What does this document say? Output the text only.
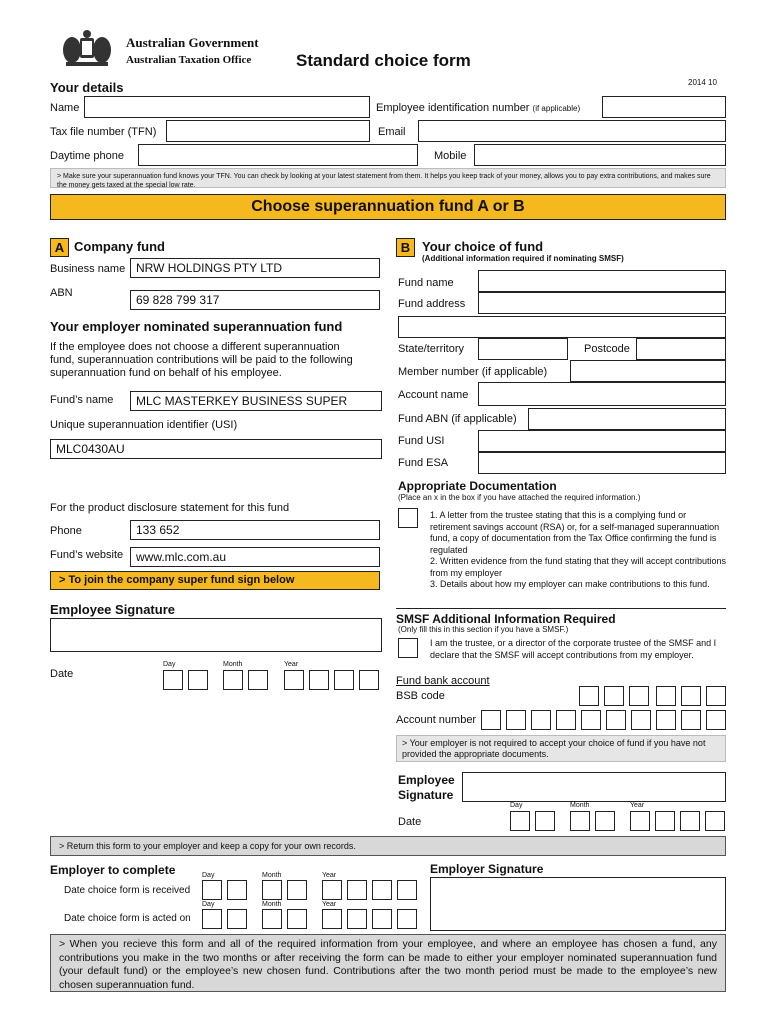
Australian Government
Australian Taxation Office	Standard choice form
2014 10
Your details
Name	Employee identification number (if applicable)
Tax file number (TFN)	Email
Daytime phone	Mobile
> Make sure your superannuation fund knows your TFN. You can check by looking at your latest statement from them. It helps you keep track of your money, allows you to pay extra contributions, and makes sure the money gets taxed at the special low rate.
Choose superannuation fund A or B
A Company fund
Business name NRW HOLDINGS PTY LTD
ABN	69 828 799 317
Your employer nominated superannuation fund
If the employee does not choose a different superannuation fund, superannuation contributions will be paid to the following superannuation fund on behalf of his employee.
Fund’s name	MLC MASTERKEY BUSINESS SUPER
Unique superannuation identifier (USI)
MLC0430AU
For the product disclosure statement for this fund
Phone	133 652
Fund’s website	www.mlc.com.au
> To join the company super fund sign below
Employee Signature
Date
Day	Month	Year
B Your choice of fund
(Additional information required if nominating SMSF)
Fund name
Fund address
State/territory	Postcode
Member number (if applicable)
Account name
Fund ABN (if applicable)
Fund USI
Fund ESA
Appropriate Documentation
(Place an x in the box if you have attached the required information.)
1. A letter from the trustee stating that this is a complying fund or retirement savings account (RSA) or, for a self-managed superannuation fund, a copy of documentation from the Tax Office confirming the fund is regulated
2. Written evidence from the fund stating that they will accept contributions from my employer
3. Details about how my employer can make contributions to this fund.
SMSF Additional Information Required
(Only fill this in this section if you have a SMSF.)
I am the trustee, or a director of the corporate trustee of the SMSF and I declare that the SMSF will accept contributions from my employer.
Fund bank account
BSB code
Account number
> Your employer is not required to accept your choice of fund if you have not provided the appropriate documents.
Employee
Signature
Date
Day	Month	Year
> Return this form to your employer and keep a copy for your own records.
Employer to complete
Date choice form is received
Day	Month	Year
Date choice form is acted on
Day	Month	Year
Employer Signature
> When you recieve this form and all of the required information from your employee, and where an employee has chosen a fund, any contributions you make in the two months or after receiving the form can be made to either your employer nominated superannuation fund (your default fund) or the employee’s new chosen fund. Contributions after the two month period must be made to the employee’s new chosen superannuation fund.
